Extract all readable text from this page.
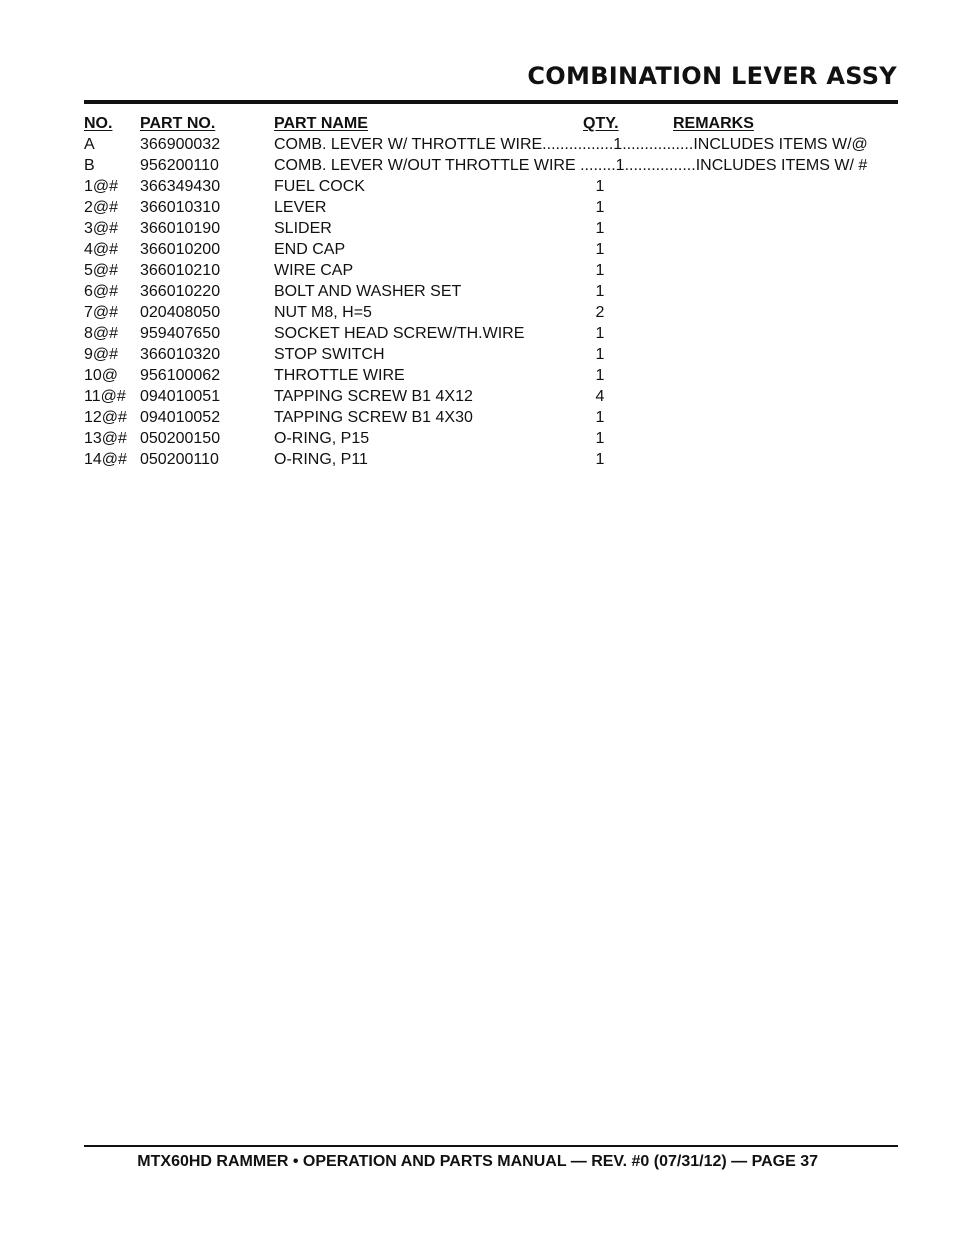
COMBINATION LEVER ASSY
NO. PART NO.	PART NAME	QTY.	REMARKS
A	366900032	COMB. LEVER W/ THROTTLE WIRE................1................INCLUDES ITEMS W/@
B	956200110	COMB. LEVER W/OUT THROTTLE WIRE ........1................INCLUDES ITEMS W/ #
1@# 366349430	FUEL COCK	1
2@# 366010310	LEVER	1
3@# 366010190	SLIDER	1
4@# 366010200	END CAP	1
5@# 366010210	WIRE CAP	1
6@# 366010220	BOLT AND WASHER SET	1
7@# 020408050	NUT M8, H=5	2
8@# 959407650	SOCKET HEAD SCREW/TH.WIRE	1
9@# 366010320	STOP SWITCH	1
10@ 956100062	THROTTLE WIRE	1
11@# 094010051	TAPPING SCREW B1 4X12	4
12@# 094010052	TAPPING SCREW B1 4X30	1
13@# 050200150	O-RING, P15	1
14@# 050200110	O-RING, P11	1
MTX60HD RAMMER • OPERATION AND PARTS MANUAL — REV. #0 (07/31/12) — PAGE 37
